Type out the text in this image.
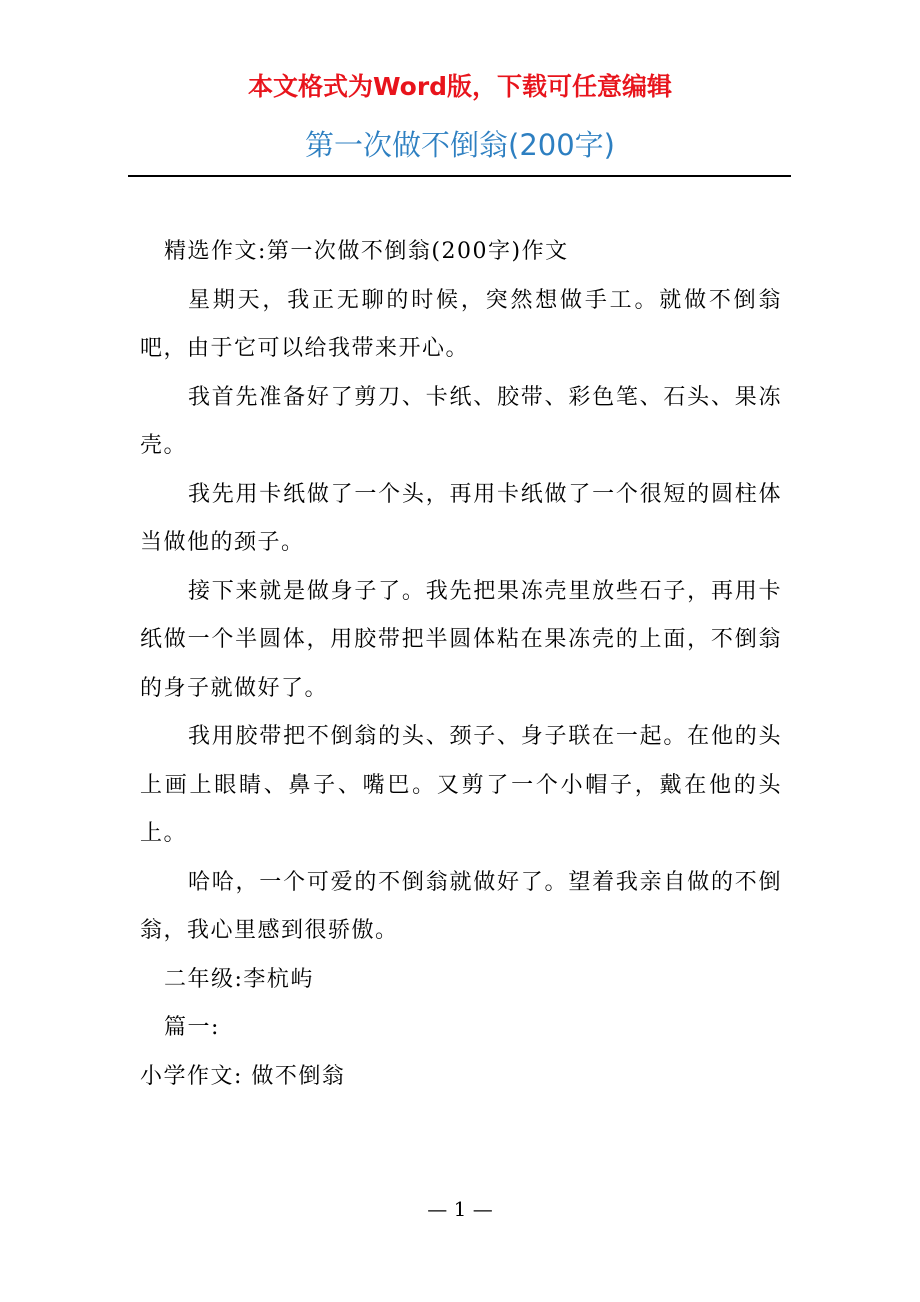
本文格式为Word版，下载可任意编辑
第一次做不倒翁(200字)

精选作文:第一次做不倒翁(200字)作文

星期天，我正无聊的时候，突然想做手工。就做不倒翁吧，由于它可以给我带来开心。

我首先准备好了剪刀、卡纸、胶带、彩色笔、石头、果冻壳。

我先用卡纸做了一个头，再用卡纸做了一个很短的圆柱体当做他的颈子。

接下来就是做身子了。我先把果冻壳里放些石子，再用卡纸做一个半圆体，用胶带把半圆体粘在果冻壳的上面，不倒翁的身子就做好了。

我用胶带把不倒翁的头、颈子、身子联在一起。在他的头上画上眼睛、鼻子、嘴巴。又剪了一个小帽子，戴在他的头上。

哈哈，一个可爱的不倒翁就做好了。望着我亲自做的不倒翁，我心里感到很骄傲。

二年级:李杭屿

篇一:

小学作文: 做不倒翁

— 1 —
